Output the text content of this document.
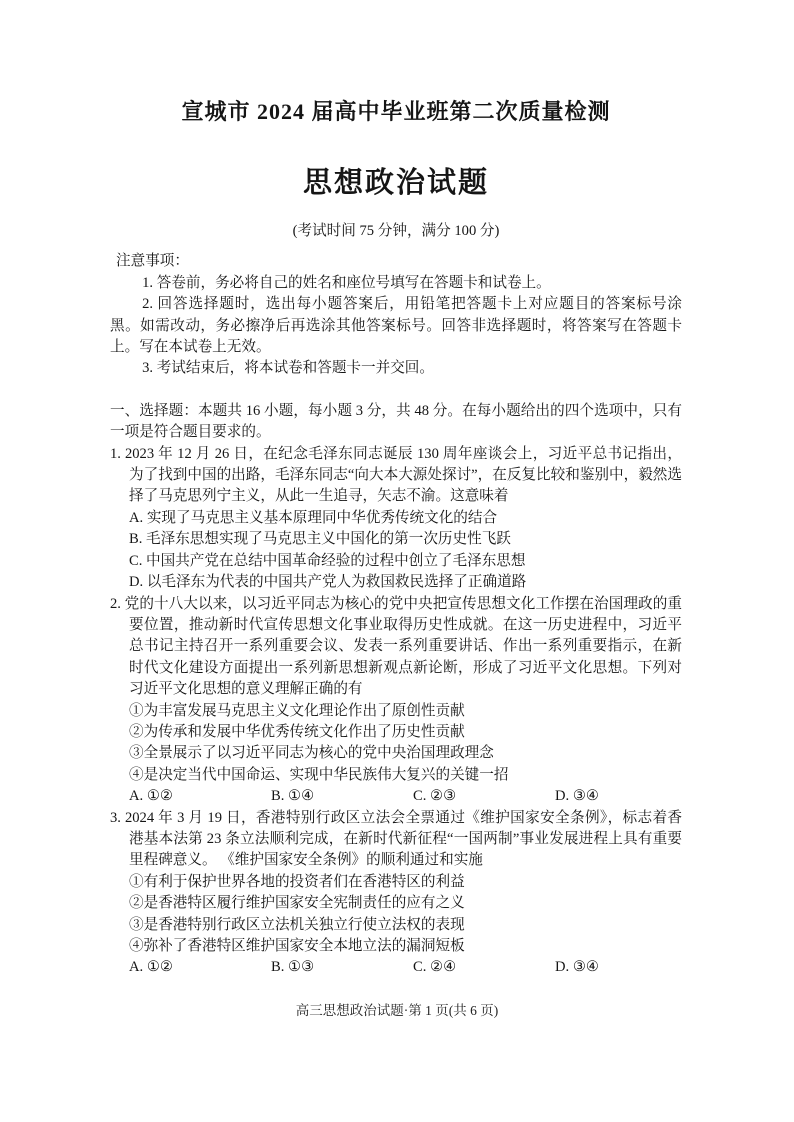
宣城市 2024 届高中毕业班第二次质量检测
思想政治试题
(考试时间 75 分钟，满分 100 分)
注意事项：

1. 答卷前，务必将自己的姓名和座位号填写在答题卡和试卷上。

2. 回答选择题时，选出每小题答案后，用铅笔把答题卡上对应题目的答案标号涂黑。如需改动，务必擦净后再选涂其他答案标号。回答非选择题时，将答案写在答题卡上。写在本试卷上无效。

3. 考试结束后，将本试卷和答题卡一并交回。

一、选择题：本题共 16 小题，每小题 3 分，共 48 分。在每小题给出的四个选项中，只有一项是符合题目要求的。

1. 2023 年 12 月 26 日，在纪念毛泽东同志诞辰 130 周年座谈会上，习近平总书记指出，为了找到中国的出路，毛泽东同志“向大本大源处探讨”，在反复比较和鉴别中，毅然选择了马克思列宁主义，从此一生追寻，矢志不渝。这意味着

A. 实现了马克思主义基本原理同中华优秀传统文化的结合

B. 毛泽东思想实现了马克思主义中国化的第一次历史性飞跃

C. 中国共产党在总结中国革命经验的过程中创立了毛泽东思想

D. 以毛泽东为代表的中国共产党人为救国救民选择了正确道路

2. 党的十八大以来，以习近平同志为核心的党中央把宣传思想文化工作摆在治国理政的重要位置，推动新时代宣传思想文化事业取得历史性成就。在这一历史进程中，习近平总书记主持召开一系列重要会议、发表一系列重要讲话、作出一系列重要指示，在新时代文化建设方面提出一系列新思想新观点新论断，形成了习近平文化思想。下列对习近平文化思想的意义理解正确的有

①为丰富发展马克思主义文化理论作出了原创性贡献

②为传承和发展中华优秀传统文化作出了历史性贡献

③全景展示了以习近平同志为核心的党中央治国理政理念

④是决定当代中国命运、实现中华民族伟大复兴的关键一招

A. ①②	B. ①④	C. ②③	D. ③④

3. 2024 年 3 月 19 日，香港特别行政区立法会全票通过《维护国家安全条例》，标志着香港基本法第 23 条立法顺利完成，在新时代新征程“一国两制”事业发展进程上具有重要里程碑意义。 《维护国家安全条例》的顺利通过和实施

①有利于保护世界各地的投资者们在香港特区的利益

②是香港特区履行维护国家安全宪制责任的应有之义

③是香港特别行政区立法机关独立行使立法权的表现

④弥补了香港特区维护国家安全本地立法的漏洞短板

A. ①②	B. ①③	C. ②④	D. ③④
高三思想政治试题·第 1 页(共 6 页)
